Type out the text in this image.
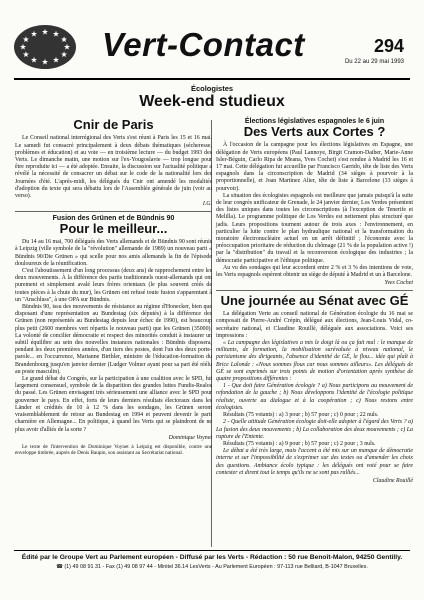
Vert-Contact	294
Du 22 au 29 mai 1993
Écologistes
Week-end studieux
Cnir de Paris

Le Conseil national interrégional des Verts s'est réuni à Paris les 15 et 16 mai. Le samedi fut consacré principalement à deux débats thématiques (sécheresse, problèmes et éducation) et au vote — en troisième lecture — du budget 1993 des Verts. Le dimanche matin, une motion sur l'ex-Yougoslavie — trop longue pour être reproduite ici — a été adoptée. Ensuite, la discussion sur l'actualité politique a révélé la nécessité de consacrer un débat sur le code de la nationalité lors des Journées d'été. L'après-midi, les délégués du Cnir ont amendé les modalités d'adoption du texte qui sera débattu lors de l'Assemblée générale de juin (voir au verso).

I.G.

Fusion des Grünen et de Bündnis 90
Pour le meilleur...

Du 14 au 16 mai, 700 délégués des Verts allemands et de Bündnis 90 sont réunis à Leipzig (ville symbole de la "révolution" allemande de 1989) un nouveau parti « Bündnis 90/Die Grünen » qui scelle pour nos amis allemands la fin de l'épisode douloureux de la réunification.

C'est l'aboutissement d'un long processus (deux ans) de rapprochement entre les deux mouvements. À la différence des partis traditionnels ouest-allemands qui ont purement et simplement avalé leurs frères orientaux (le plus souvent créés de toutes pièces à la chute du mur), les Grünen ont refusé toute fusion s'apparentant à un "Anschluss", à une OPA sur Bündnis.

Bündnis 90, issu des mouvements de résistance au régime d'Honecker, bien que disposant d'une représentation au Bundestag (six députés) à la différence des Grünen (non représentés au Bundestag depuis leur échec de 1990), est beaucoup plus petit (2600 membres vert répartis le nouveau parti) que les Grünen (35000). La volonté de concilier démocratie et respect des minorités conduit à instaurer un subtil équilibre au sein des nouvelles instances nationales : Bündnis disposera, pendant les deux premières années, d'un tiers des postes, dont l'un des deux porte-parole... en l'occurrence, Marianne Birthler, ministre de l'éducation-formation du Brandenbourg jusqu'en janvier dernier (Ludger Volmer ayant pour sa part été réélu au poste masculin).

Le grand débat du Congrès, sur la participation à une coalition avec le SPD, fut largement consensuel, symbole de la disparition des grandes luttes Fundis-Realos du passé. Les Grünen envisagent très sérieusement une alliance avec le SPD pour gouverner le pays. En effet, forts de leurs derniers résultats électoraux dans les Länder et crédités de 10 à 12 % dans les sondages, les Grünen seront vraisemblablement de retour au Bundestag en 1994 et peuvent devenir le parti charnière en Allemagne... En politique, à quand les Verts qui se plaindront de ne plus avoir d'alliés de la sorte ?

Dominique Voynet

Le texte de l'intervention de Dominique Voynet à Leipzig est disponible, contre une enveloppe timbrée, auprès de Denis Baupin, son assistant au Secrétariat national.

Élections législatives espagnoles le 6 juin
Des Verts aux Cortes ?

À l'occasion de la campagne pour les élections législatives en Espagne, une délégation de Verts européens (Paul Lannoye, Birgit Cramon-Daiber, Marie-Anne Isler-Béguin, Carlo Ripa de Meana, Yves Cochet) s'est rendue à Madrid les 16 et 17 mai. Cette délégation fut accueillie par Francisco Garrido, tête de liste des Verts espagnols dans la circonscription de Madrid (34 sièges à pourvoir à la proportionnelle), et Joan Martinez Alier, tête de liste à Barcelone (33 sièges à pourvoir).

La situation des écologistes espagnols est meilleure que jamais puisqu'à la suite de leur congrès unificateur de Grenade, le 24 janvier dernier, Los Verdes présentent des listes uniques dans toutes les circonscriptions (à l'exception de Tenerife et Melilla). Le programme politique de Los Verdes est nettement plus structuré que jadis. Leurs propositions tournent autour de trois axes : l'environnement, en particulier la lutte contre le plan hydraulique national et la transformation du moratoire électronucléaire actuel en un arrêt définitif ; l'économie avec la préoccupation prioritaire de réduction du chômage (21 % de la population active !) par la "distribution" du travail et la reconversion écologique des industries ; la démocratie participative et l'éthique politique.

Au vu des sondages qui leur accordent entre 2 % et 3 % des intentions de vote, les Verts espagnols espèrent obtenir un siège de député à Madrid et un à Barcelone.

Yves Cochet

Une journée au Sénat avec GÉ

La délégation Verte au conseil national de Génération écologie du 16 mai se composait de Pierre-André Crépin, délégué aux élections, Jean-Louis Vidal, co-secrétaire national, et Claudine Rouillé, déléguée aux associations. Voici ses impressions :

« La campagne des législatives a mis le doigt là ou ça fait mal : le manque de militants, de formation, la mobilisation surévaluée à niveau national, le parisianisme des dirigeants, l'absence d'identité de GÉ, le flou... idée qui plaît à Brice Lalonde : «Nous sommes flous car nous sommes ailleurs». Les délégués de GÉ se sont exprimés sur trois points de motion d'orientation après synthèse de quatre propositions différentes :

1 - Que doit faire Génération écologie ? a) Nous participons au mouvement de refondation de la gauche ; b) Nous développons l'identité de l'écologie politique réaliste, ouverte au dialogue et à la coopération ; c) Nous restons entre écologistes.

Résultats (75 votants) : a) 3 pour ; b) 57 pour ; c) 0 pour ; 22 nuls.

2 - Quelle attitude Génération écologie doit-elle adopter à l'égard des Verts ? a) La fusion des deux mouvements ; b) La collaboration des deux mouvements ; c) La rupture de l'Entente.

Résultats (75 votants) : a) 9 pour ; b) 57 pour ; c) 2 pour ; 3 nuls.

Le débat a été très large, mais l'accent a été mis sur un manque de démocratie interne et sur l'impossibilité de s'exprimer sur des textes ou d'amender les choix des questions. Ambiance écolo typique : les délégués ont voté pour se faire contester et dirent tout le temps qu'ils ne se sont pas ralliés...

Claudine Rouillé

Édité par le Groupe Vert au Parlement européen - Diffusé par les Verts - Rédaction : 50 rue Benoît-Malon, 94250 Gentilly.
☎ (1) 49 08 91 31 - Fax (1) 49 08 97 44 - Minitel 36.14 LesVerts - Au Parlement Européen : 97-113 rue Belliard, B-1047 Bruxelles.
